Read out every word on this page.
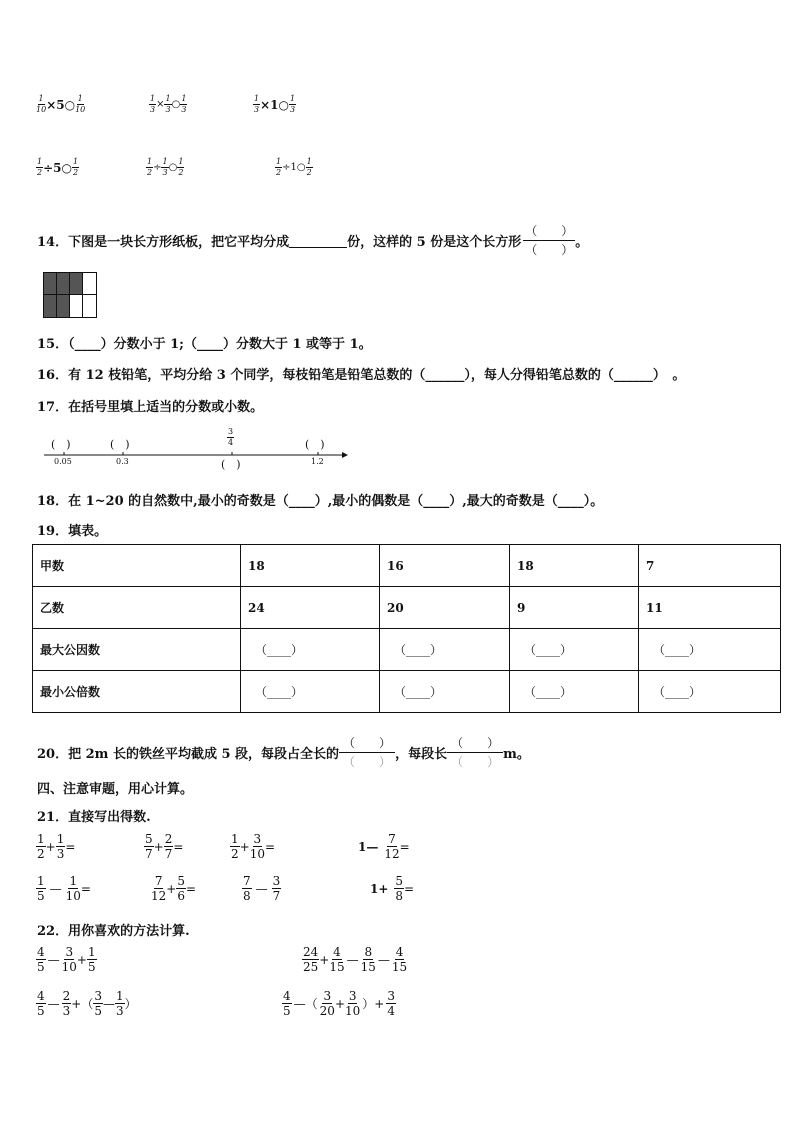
$\frac{1}{10}$ ×5○ $\frac{1}{10}$	$\frac{1}{3} \times \frac{1}{3}$ ○ $\frac{1}{3}$	$\frac{1}{3}$ ×1○ $\frac{1}{3}$
$\frac{1}{2}$ ÷5○ $\frac{1}{2}$	$\frac{1}{2} \div \frac{1}{3}$ ○ $\frac{1}{2}$	$\frac{1}{2}$ ÷1○ $\frac{1}{2}$
14．下图是一块长方形纸板，把它平均分成	份，这样的 5 份是这个长方形 $\frac{( )}{( )}$ 。
15．（____）分数小于 1;（____）分数大于 1 或等于 1。
16．有 12 枝铅笔，平均分给 3 个同学，每枝铅笔是铅笔总数的（______），每人分得铅笔总数的（______）　。
17．在括号里填上适当的分数或小数。
(　)	(　)	(　)
0.05	0.3	1.2
$\frac{3}{4}$
(　)
18．在 1~20 的自然数中,最小的奇数是（____）,最小的偶数是（____）,最大的奇数是（____）。
19．填表。
甲数	18	16	18	7
乙数	24	20	9	11
最大公因数	（____）	（____）	（____）	（____）
最小公倍数	（____）	（____）	（____）	（____）
20．把 2m 长的铁丝平均截成 5 段，每段占全长的 $\frac{( )}{( )}$ ，每段长 $\frac{( )}{( )}$ m。
四、注意审题，用心计算。
21．直接写出得数.
$\frac{1}{2} + \frac{1}{3}$ =	$\frac{5}{7} + \frac{2}{7}$ =	$\frac{1}{2} + \frac{3}{10}$ =	1— $\frac{7}{12}$ =
$\frac{1}{5}$ — $\frac{1}{10}$ =	$\frac{7}{12} + \frac{5}{6}$ =	$\frac{7}{8}$ — $\frac{3}{7}$	$1+ \frac{5}{8}$ =
22．用你喜欢的方法计算.
$\frac{4}{5}$ — $\frac{3}{10} + \frac{1}{5}$	$\frac{24}{25} + \frac{4}{15}$ — $\frac{8}{15}$ — $\frac{4}{15}$
$\frac{4}{5}$ — $\frac{2}{3}$ +（ $\frac{3}{5}$ — $\frac{1}{3}$ ）	$\frac{4}{5}$ —（ $\frac{3}{20} + \frac{3}{10}$ ）+ $\frac{3}{4}$
